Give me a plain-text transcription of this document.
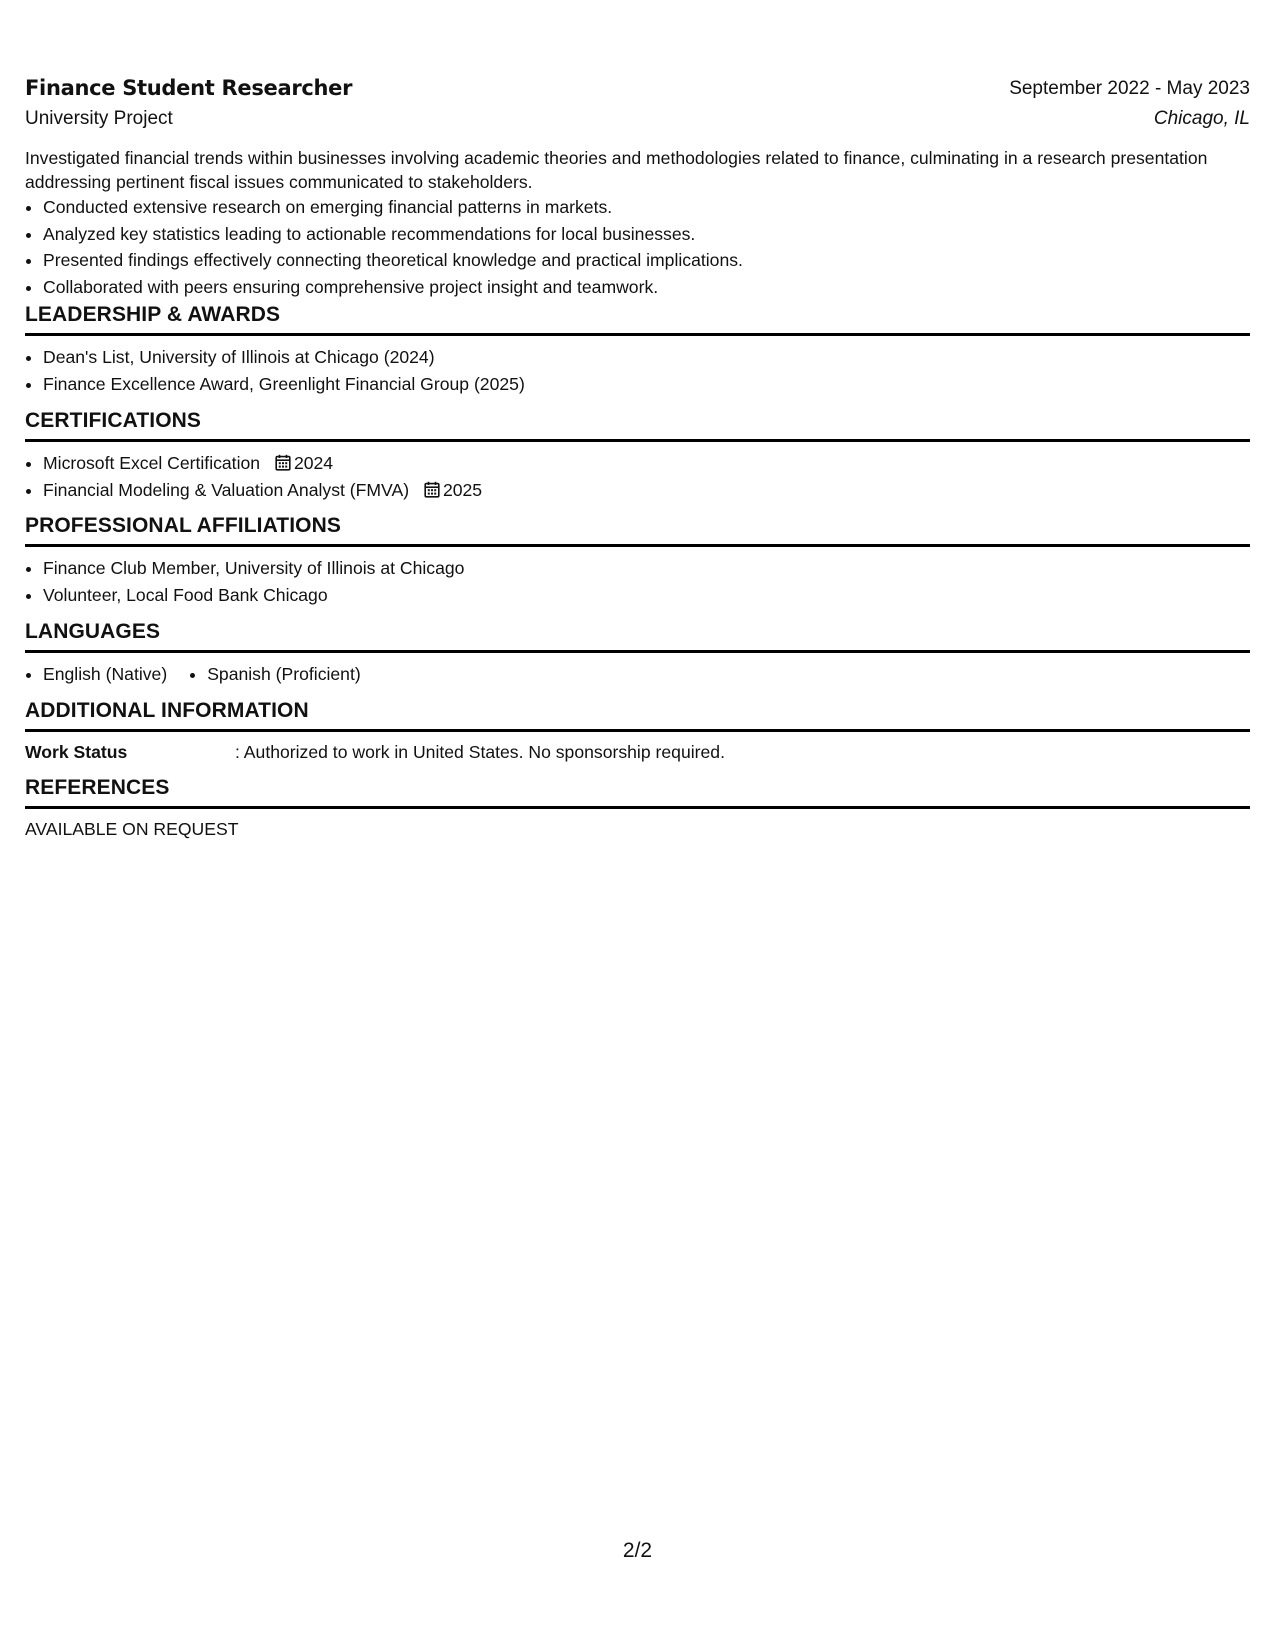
Finance Student Researcher	September 2022 - May 2023
University Project	Chicago, IL

Investigated financial trends within businesses involving academic theories and methodologies related to finance, culminating in a research presentation addressing pertinent fiscal issues communicated to stakeholders.

• Conducted extensive research on emerging financial patterns in markets.
• Analyzed key statistics leading to actionable recommendations for local businesses.
• Presented findings effectively connecting theoretical knowledge and practical implications.
• Collaborated with peers ensuring comprehensive project insight and teamwork.
LEADERSHIP & AWARDS
• Dean's List, University of Illinois at Chicago (2024)
• Finance Excellence Award, Greenlight Financial Group (2025)
CERTIFICATIONS
• Microsoft Excel Certification 2024
• Financial Modeling & Valuation Analyst (FMVA) 2025
PROFESSIONAL AFFILIATIONS
• Finance Club Member, University of Illinois at Chicago
• Volunteer, Local Food Bank Chicago
LANGUAGES
• English (Native)
• Spanish (Proficient)
ADDITIONAL INFORMATION
Work Status	: Authorized to work in United States. No sponsorship required.
REFERENCES
AVAILABLE ON REQUEST
2/2
